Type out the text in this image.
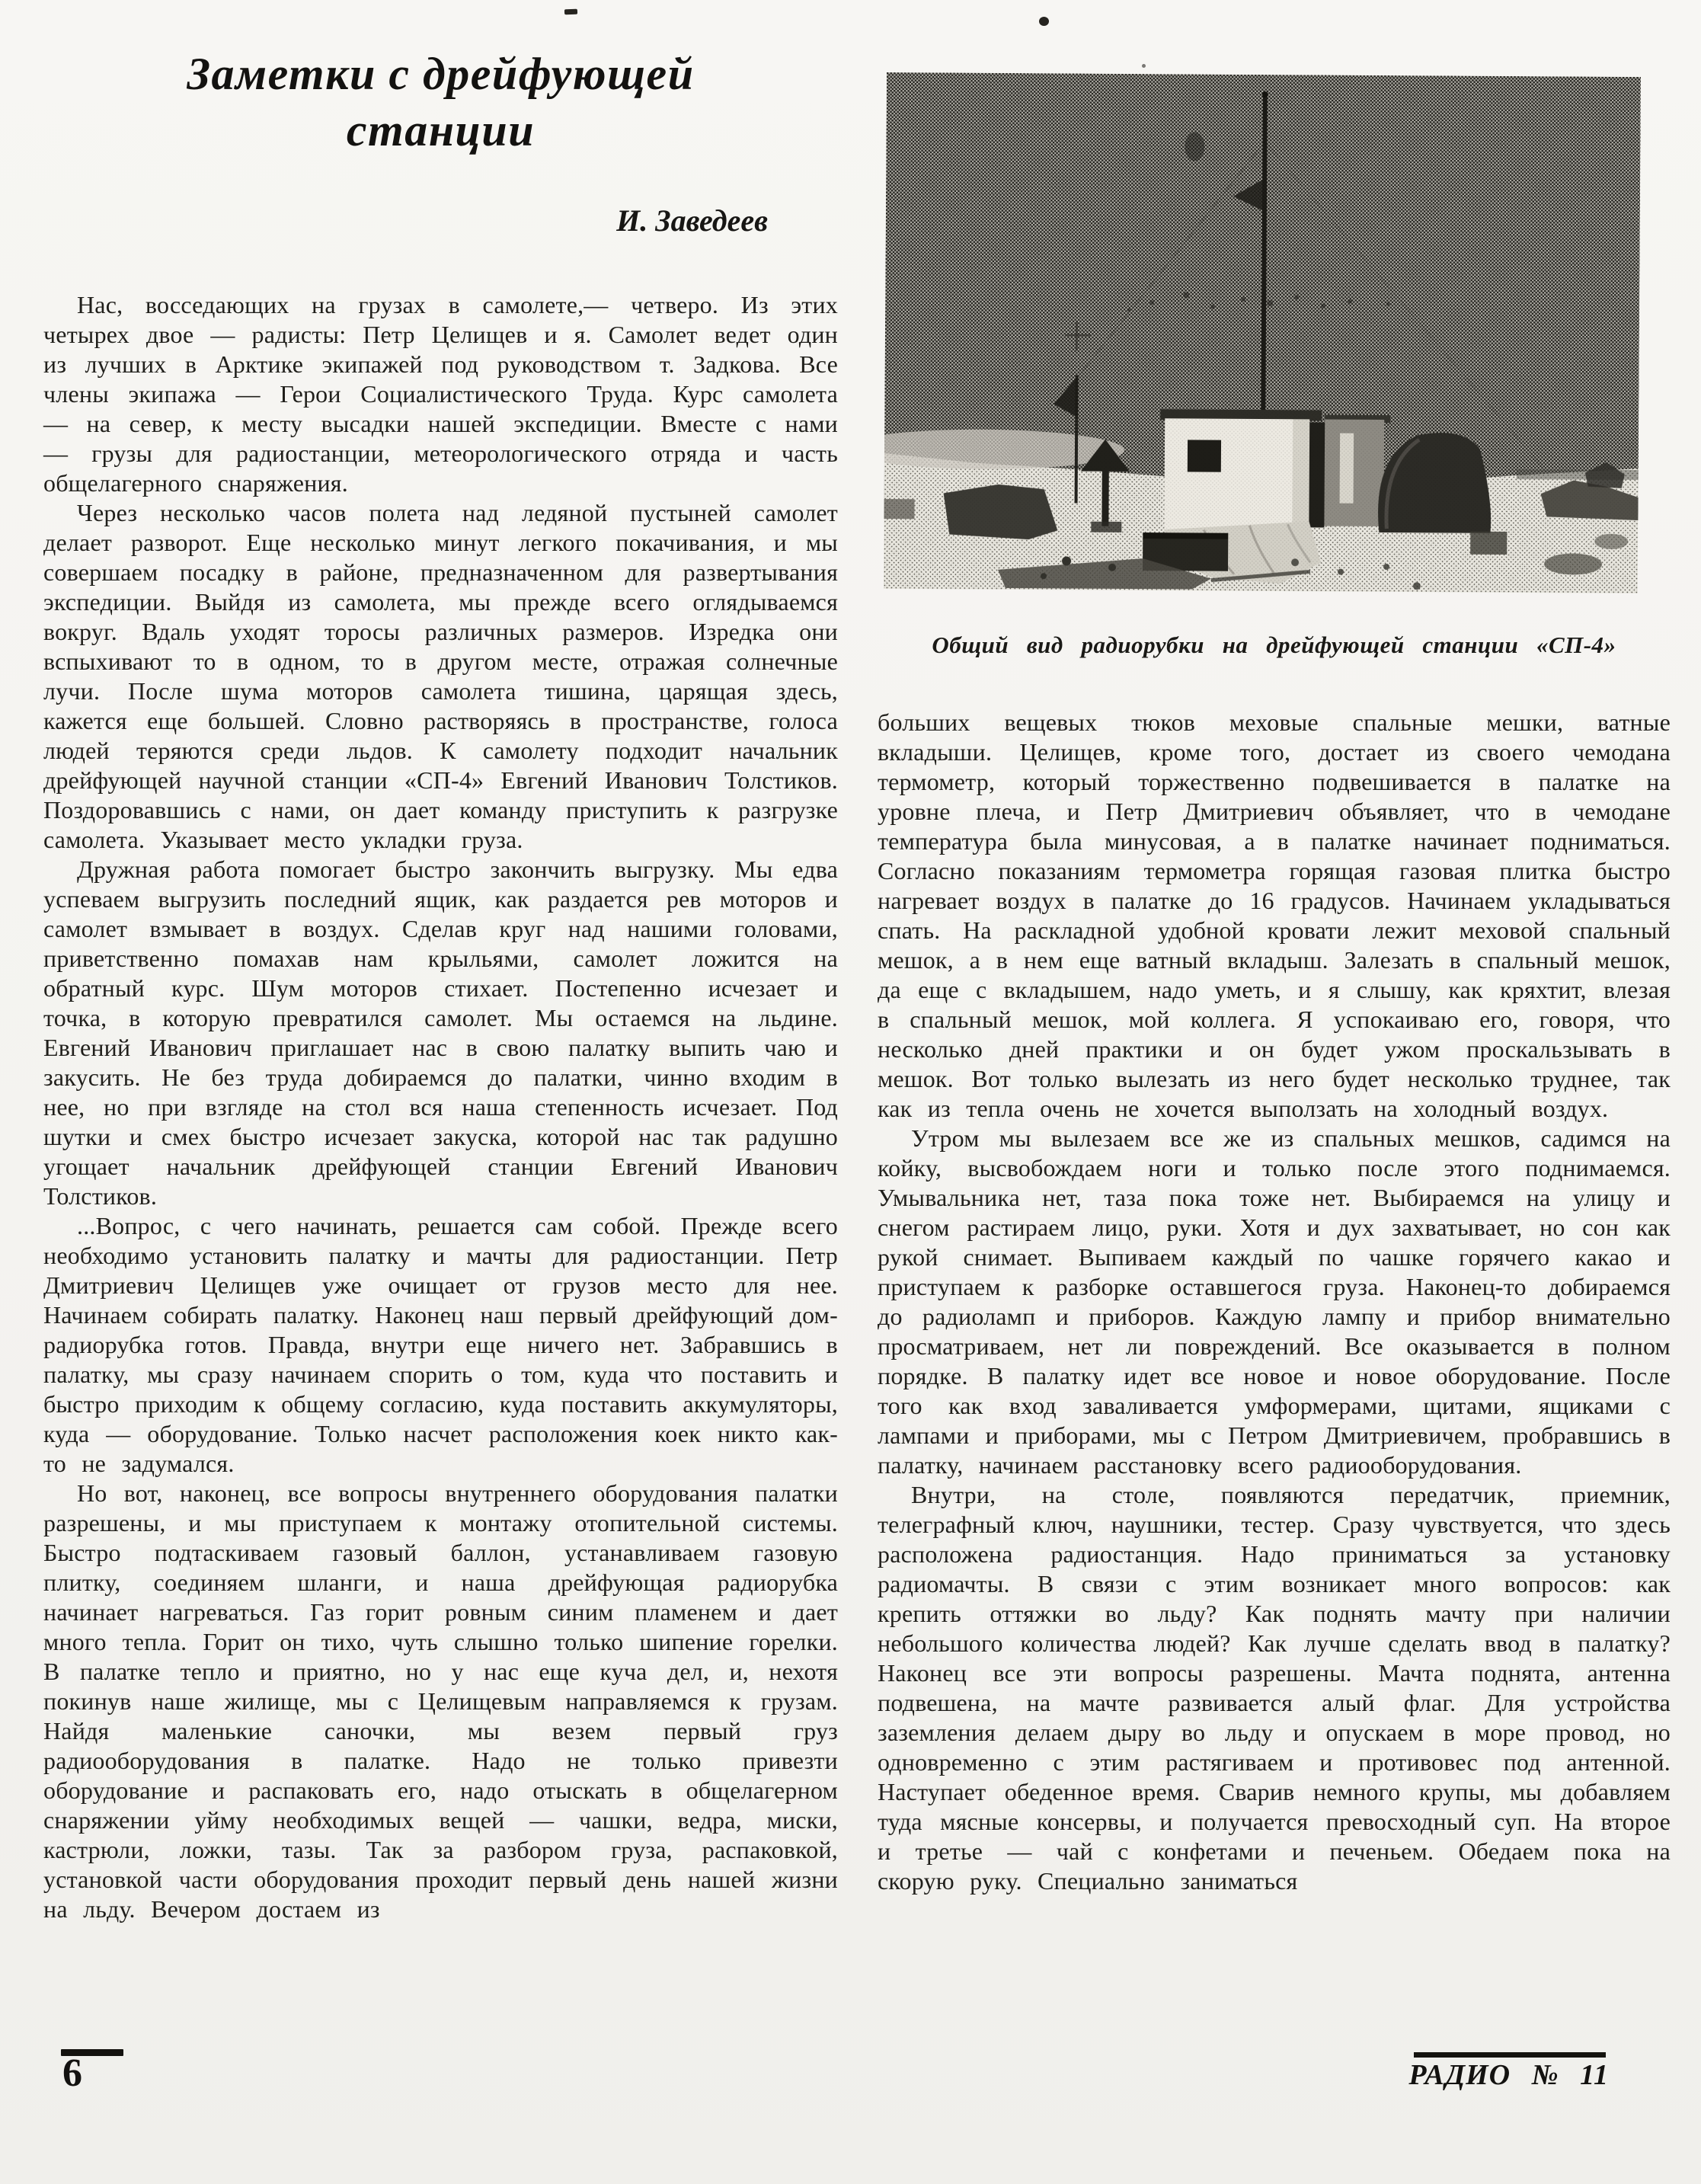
Заметки с дрейфующей
станции
И. Заведеев

Нас, восседающих на грузах в самолете,— четверо. Из этих четырех двое — радисты: Петр Целищев и я. Самолет ведет один из лучших в Арктике экипажей под руководством т. Задкова. Все члены экипажа — Герои Социалистического Труда. Курс самолета — на север, к месту высадки нашей экспедиции. Вместе с нами — грузы для радиостанции, метеорологического отряда и часть общелагерного снаряжения.

Через несколько часов полета над ледяной пустыней самолет делает разворот. Еще несколько минут легкого покачивания, и мы совершаем посадку в районе, предназначенном для развертывания экспедиции. Выйдя из самолета, мы прежде всего оглядываемся вокруг. Вдаль уходят торосы различных размеров. Изредка они вспыхивают то в одном, то в другом месте, отражая солнечные лучи. После шума моторов самолета тишина, царящая здесь, кажется еще большей. Словно растворяясь в пространстве, голоса людей теряются среди льдов. К самолету подходит начальник дрейфующей научной станции «СП-4» Евгений Иванович Толстиков. Поздоровавшись с нами, он дает команду приступить к разгрузке самолета. Указывает место укладки груза.

Дружная работа помогает быстро закончить выгрузку. Мы едва успеваем выгрузить последний ящик, как раздается рев моторов и самолет взмывает в воздух. Сделав круг над нашими головами, приветственно помахав нам крыльями, самолет ложится на обратный курс. Шум моторов стихает. Постепенно исчезает и точка, в которую превратился самолет. Мы остаемся на льдине. Евгений Иванович приглашает нас в свою палатку выпить чаю и закусить. Не без труда добираемся до палатки, чинно входим в нее, но при взгляде на стол вся наша степенность исчезает. Под шутки и смех быстро исчезает закуска, которой нас так радушно угощает начальник дрейфующей станции Евгений Иванович Толстиков.

...Вопрос, с чего начинать, решается сам собой. Прежде всего необходимо установить палатку и мачты для радиостанции. Петр Дмитриевич Целищев уже очищает от грузов место для нее. Начинаем собирать палатку. Наконец наш первый дрейфующий дом-радиорубка готов. Правда, внутри еще ничего нет. Забравшись в палатку, мы сразу начинаем спорить о том, куда что поставить и быстро приходим к общему согласию, куда поставить аккумуляторы, куда — оборудование. Только насчет расположения коек никто как-то не задумался.

Но вот, наконец, все вопросы внутреннего оборудования палатки разрешены, и мы приступаем к монтажу отопительной системы. Быстро подтаскиваем газовый баллон, устанавливаем газовую плитку, соединяем шланги, и наша дрейфующая радиорубка начинает нагреваться. Газ горит ровным синим пламенем и дает много тепла. Горит он тихо, чуть слышно только шипение горелки. В палатке тепло и приятно, но у нас еще куча дел, и, нехотя покинув наше жилище, мы с Целищевым направляемся к грузам. Найдя маленькие саночки, мы везем первый груз радиооборудования в палатке. Надо не только привезти оборудование и распаковать его, надо отыскать в общелагерном снаряжении уйму необходимых вещей — чашки, ведра, миски, кастрюли, ложки, тазы. Так за разбором груза, распаковкой, установкой части оборудования проходит первый день нашей жизни на льду. Вечером достаем из

Общий вид радиорубки на дрейфующей станции «СП-4»

больших вещевых тюков меховые спальные мешки, ватные вкладыши. Целищев, кроме того, достает из своего чемодана термометр, который торжественно подвешивается в палатке на уровне плеча, и Петр Дмитриевич объявляет, что в чемодане температура была минусовая, а в палатке начинает подниматься. Согласно показаниям термометра горящая газовая плитка быстро нагревает воздух в палатке до 16 градусов. Начинаем укладываться спать. На раскладной удобной кровати лежит меховой спальный мешок, а в нем еще ватный вкладыш. Залезать в спальный мешок, да еще с вкладышем, надо уметь, и я слышу, как кряхтит, влезая в спальный мешок, мой коллега. Я успокаиваю его, говоря, что несколько дней практики и он будет ужом проскальзывать в мешок. Вот только вылезать из него будет несколько труднее, так как из тепла очень не хочется выползать на холодный воздух.

Утром мы вылезаем все же из спальных мешков, садимся на койку, высвобождаем ноги и только после этого поднимаемся. Умывальника нет, таза пока тоже нет. Выбираемся на улицу и снегом растираем лицо, руки. Хотя и дух захватывает, но сон как рукой снимает. Выпиваем каждый по чашке горячего какао и приступаем к разборке оставшегося груза. Наконец-то добираемся до радиоламп и приборов. Каждую лампу и прибор внимательно просматриваем, нет ли повреждений. Все оказывается в полном порядке. В палатку идет все новое и новое оборудование. После того как вход заваливается умформерами, щитами, ящиками с лампами и приборами, мы с Петром Дмитриевичем, пробравшись в палатку, начинаем расстановку всего радиооборудования.

Внутри, на столе, появляются передатчик, приемник, телеграфный ключ, наушники, тестер. Сразу чувствуется, что здесь расположена радиостанция. Надо приниматься за установку радиомачты. В связи с этим возникает много вопросов: как крепить оттяжки во льду? Как поднять мачту при наличии небольшого количества людей? Как лучше сделать ввод в палатку? Наконец все эти вопросы разрешены. Мачта поднята, антенна подвешена, на мачте развивается алый флаг. Для устройства заземления делаем дыру во льду и опускаем в море провод, но одновременно с этим растягиваем и противовес под антенной. Наступает обеденное время. Сварив немного крупы, мы добавляем туда мясные консервы, и получается превосходный суп. На второе и третье — чай с конфетами и печеньем. Обедаем пока на скорую руку. Специально заниматься

6	РАДИО № 11
